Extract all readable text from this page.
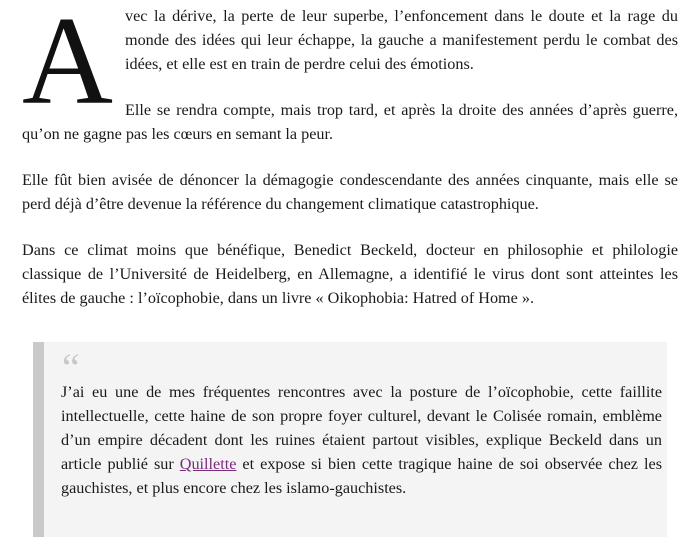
Avec la dérive, la perte de leur superbe, l’enfoncement dans le doute et la rage du monde des idées qui leur échappe, la gauche a manifestement perdu le combat des idées, et elle est en train de perdre celui des émotions.

Elle se rendra compte, mais trop tard, et après la droite des années d’après guerre, qu’on ne gagne pas les cœurs en semant la peur.

Elle fût bien avisée de dénoncer la démagogie condescendante des années cinquante, mais elle se perd déjà d’être devenue la référence du changement climatique catastrophique.

Dans ce climat moins que bénéfique, Benedict Beckeld, docteur en philosophie et philologie classique de l’Université de Heidelberg, en Allemagne, a identifié le virus dont sont atteintes les élites de gauche : l’oïcophobie, dans un livre « Oikophobia: Hatred of Home ».

“
J’ai eu une de mes fréquentes rencontres avec la posture de l’oïcophobie, cette faillite intellectuelle, cette haine de son propre foyer culturel, devant le Colisée romain, emblème d’un empire décadent dont les ruines étaient partout visibles, explique Beckeld dans un article publié sur Quillette et expose si bien cette tragique haine de soi observée chez les gauchistes, et plus encore chez les islamo-gauchistes.
